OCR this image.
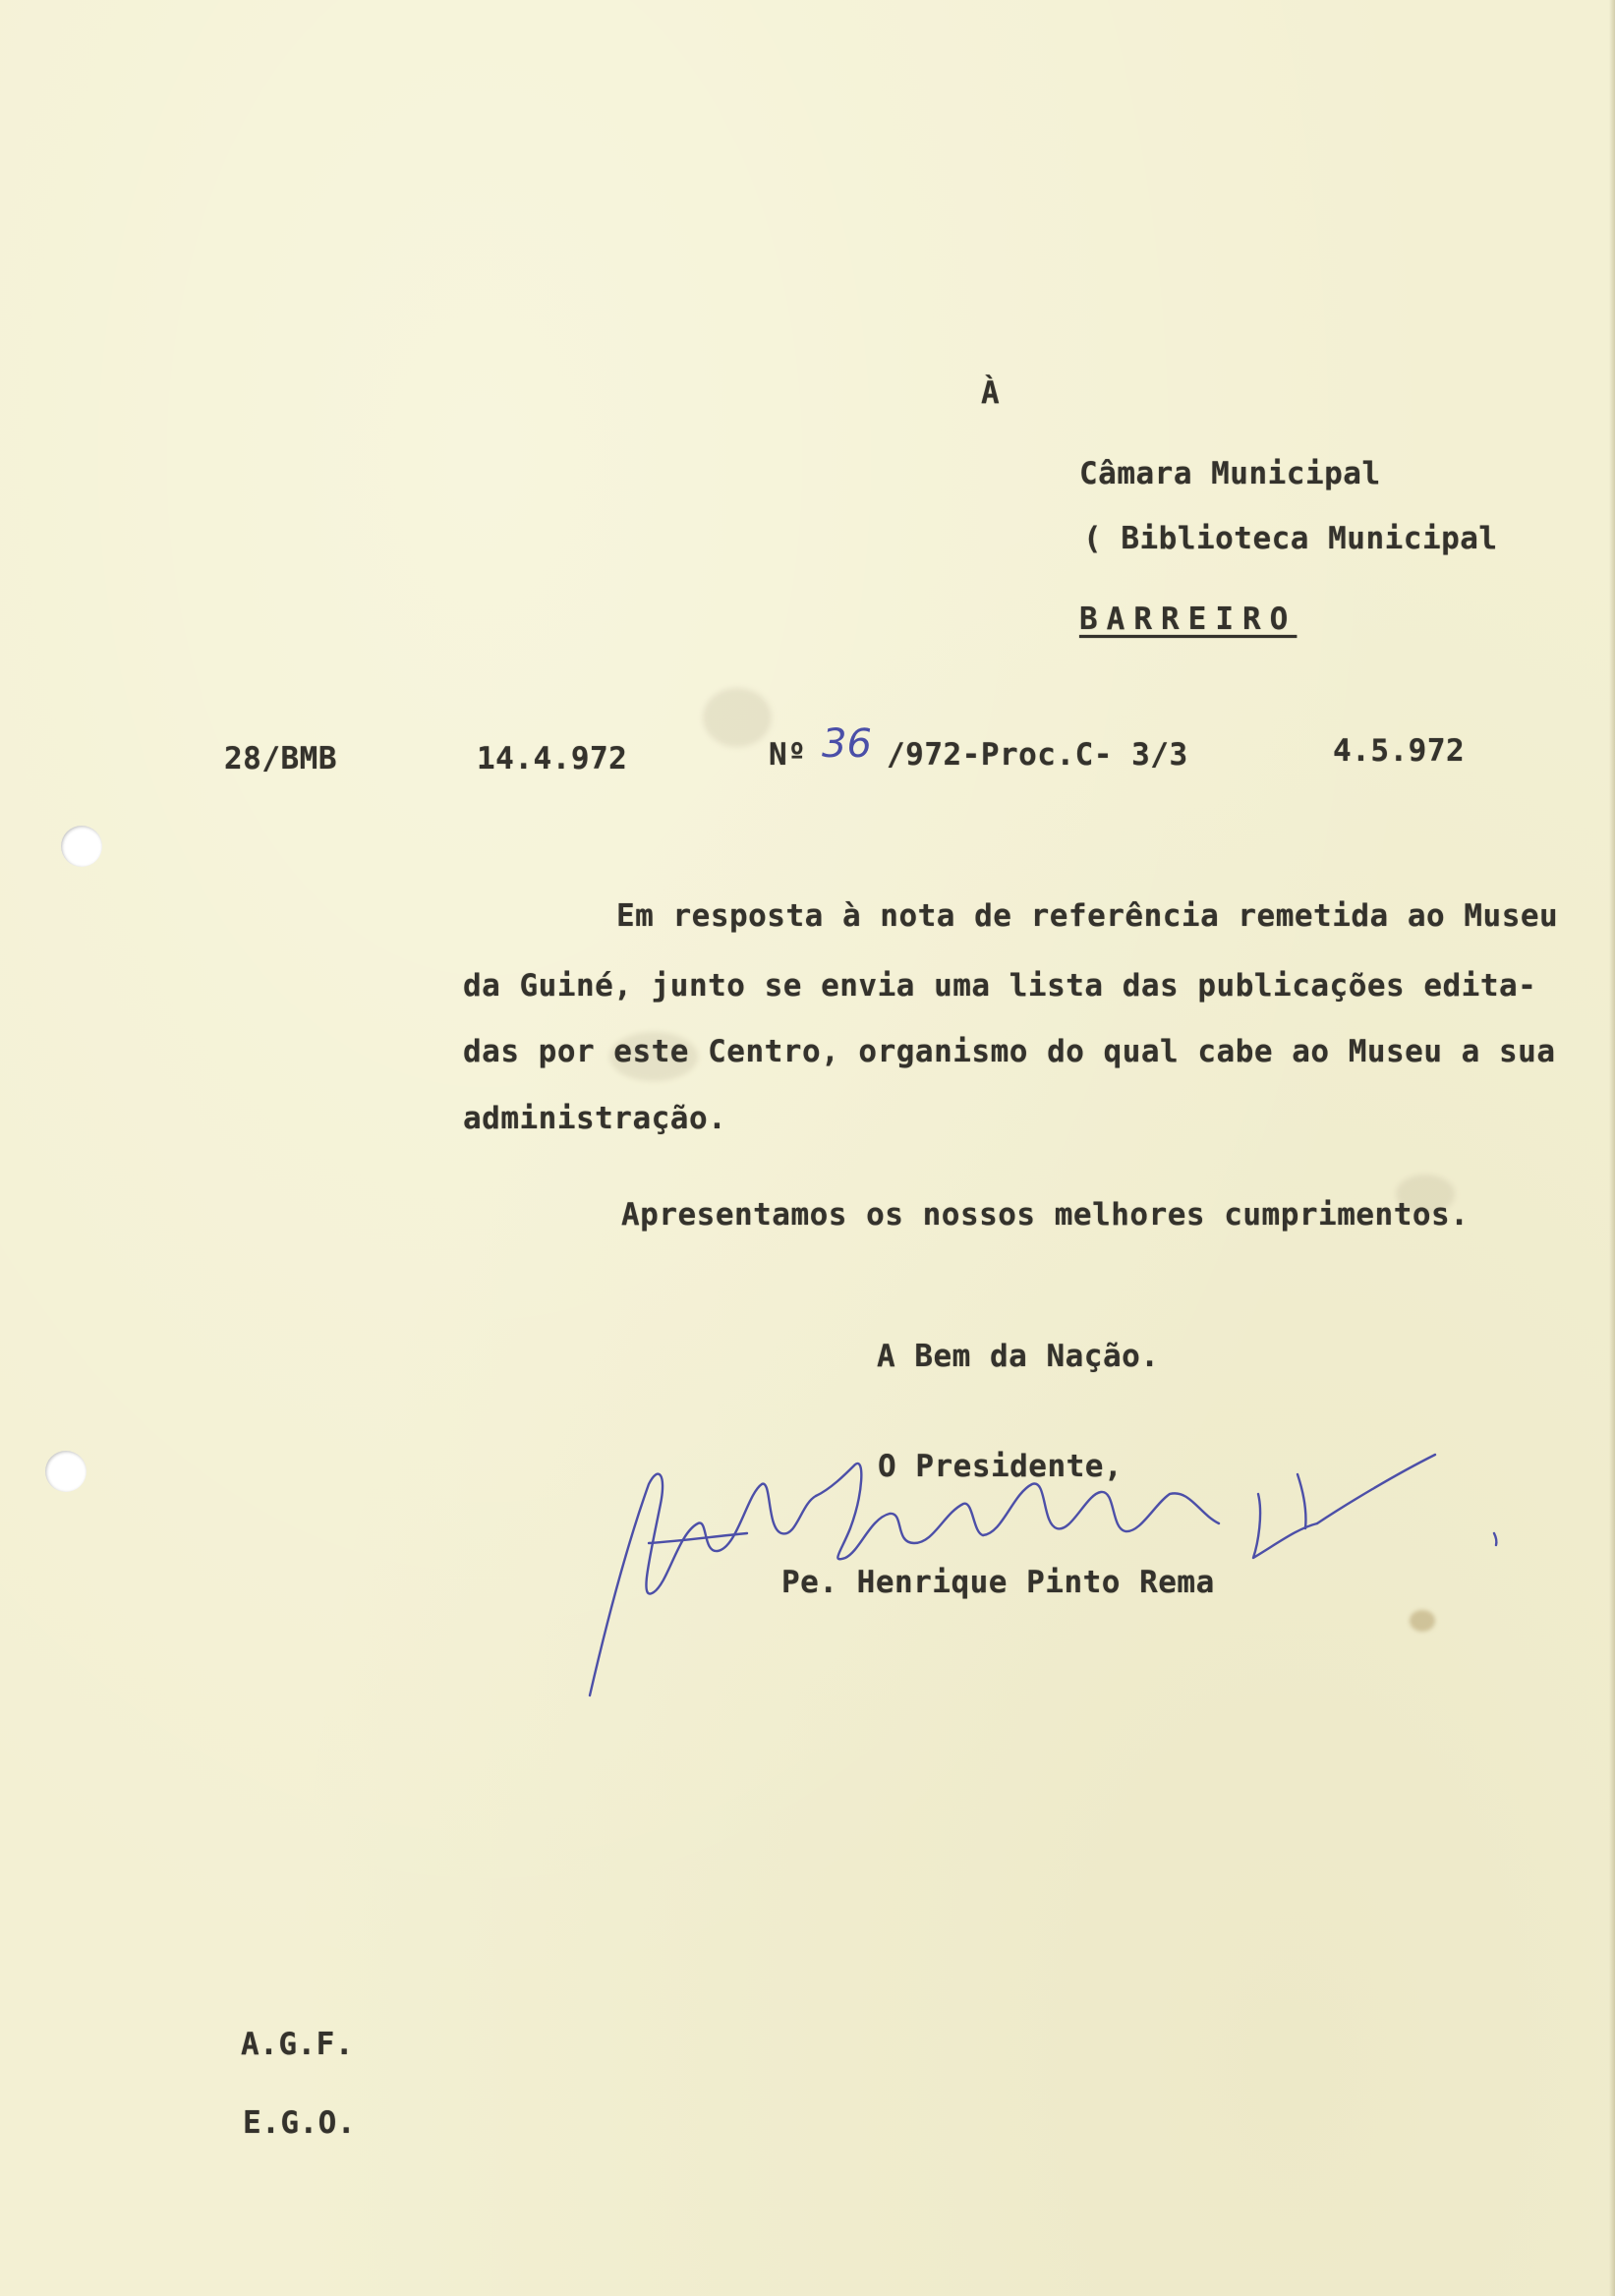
À
Câmara Municipal
( Biblioteca Municipal
BARREIRO
28/BMB	14.4.972	Nº 36 /972-Proc.C- 3/3	4.5.972
Em resposta à nota de referência remetida ao Museu
da Guiné, junto se envia uma lista das publicações edita-
das por este Centro, organismo do qual cabe ao Museu a sua
administração.
Apresentamos os nossos melhores cumprimentos.
A Bem da Nação.
O Presidente,
Pe. Henrique Pinto Rema
A.G.F.
E.G.O.
